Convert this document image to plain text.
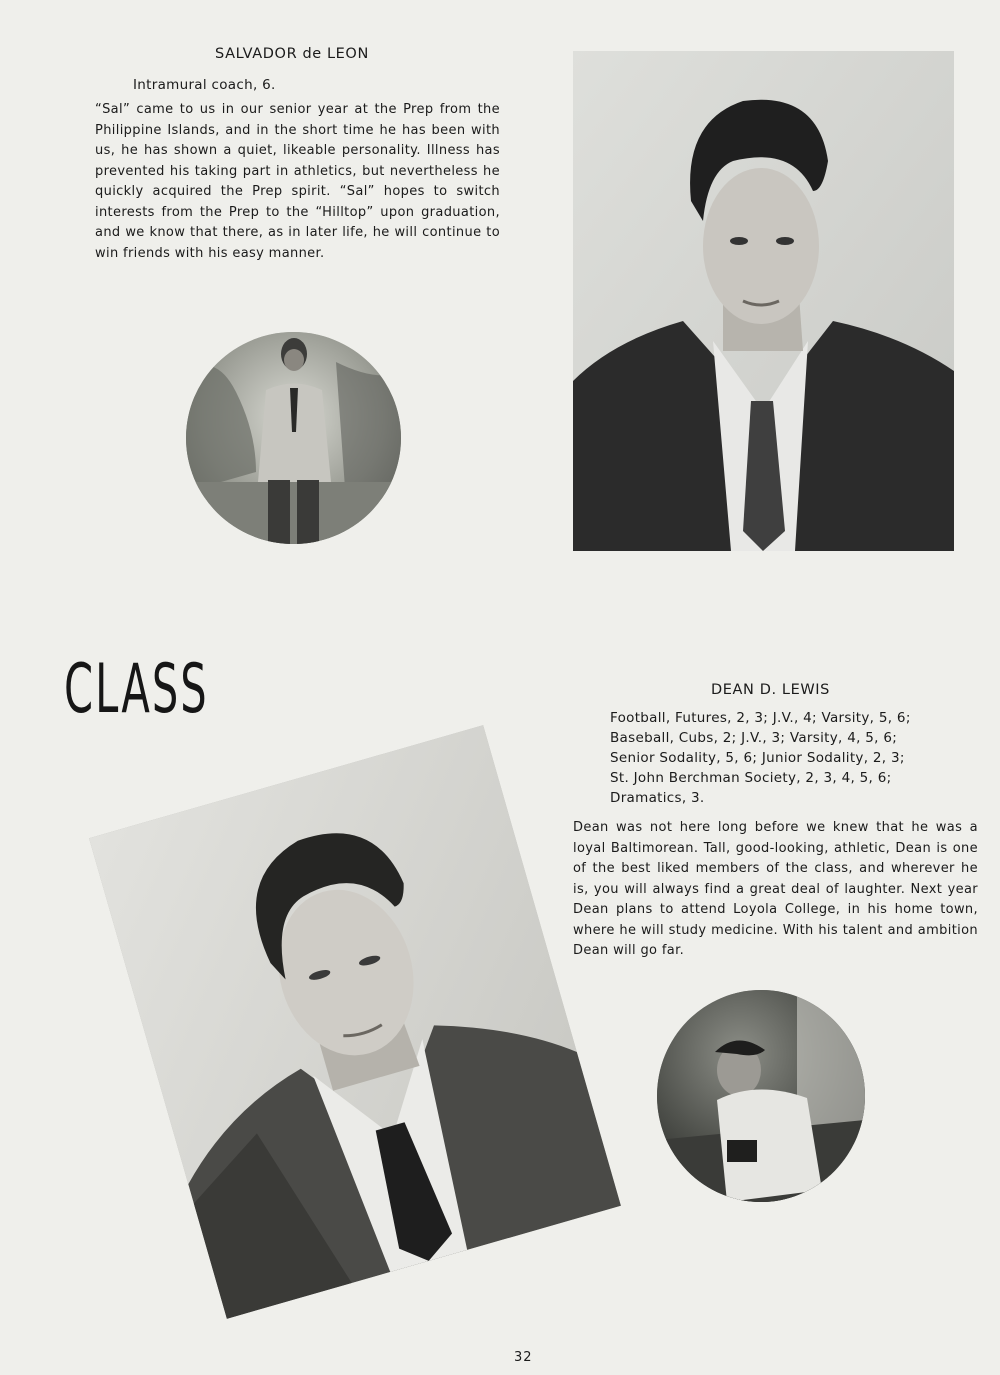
SALVADOR de LEON

Intramural coach, 6.

“Sal” came to us in our senior year at the Prep from the Philippine Islands, and in the short time he has been with us, he has shown a quiet, likeable personality. Illness has prevented his taking part in athletics, but nevertheless he quickly acquired the Prep spirit. “Sal” hopes to switch interests from the Prep to the “Hilltop” upon graduation, and we know that there, as in later life, he will continue to win friends with his easy manner.

CLASS	DEAN D. LEWIS

Football, Futures, 2, 3; J.V., 4; Varsity, 5, 6;

Baseball, Cubs, 2; J.V., 3; Varsity, 4, 5, 6;

Senior Sodality, 5, 6; Junior Sodality, 2, 3;

St. John Berchman Society, 2, 3, 4, 5, 6;

Dramatics, 3.

Dean was not here long before we knew that he was a loyal Baltimorean. Tall, good-looking, athletic, Dean is one of the best liked members of the class, and wherever he is, you will always find a great deal of laughter. Next year Dean plans to attend Loyola College, in his home town, where he will study medicine. With his talent and ambition Dean will go far.

32
